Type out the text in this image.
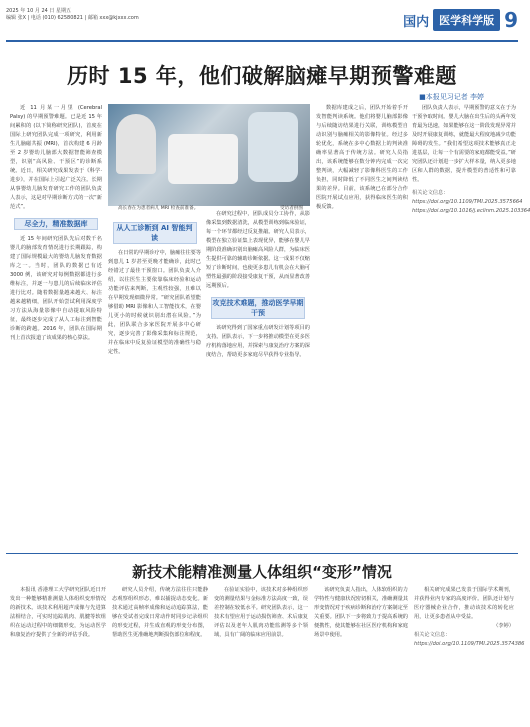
2025 年 10 月 24 日 星期五
编辑 张X | 电话 (010) 62580821 | 邮箱 xxx@kjxxx.com	国内 医学科学版 9
历时 15 年，他们破解脑瘫早期预警难题
■本报见习记者 李婷

近 11 月某一月里 (Cerebral Palsy) 的早期预警难题。已是近 15 年间累积的 (以下简称研究团队)，首度在国际上研究团队完成一项研究，利用新生儿脑磁共振 (MRI)，首次构建 6 月龄至 2 岁婴幼儿脑部大数据智能筛查模型，识别“高风险、干预区”的诊断系统。近日，相关研究成果发表于《科学·进步》，并在国际上引起广泛关注。长期从事婴幼儿脑发育研究工作的团队负责人表示，这是对早期诊断方式的一次“新范式”。

尽全力，精准数据库

近 15 年间研究团队先后对数千名婴儿的脑部发育情况进行长期跟踪，构建了国际规模最大的婴幼儿脑发育数据库之一。当时，团队的数据已有近 3000 例，该研究对每例数据都进行多维标注，并逐一与患儿的后续临床评估进行比对。随着数据量越来越大、标注越来越精细，团队开始尝试利用深度学习方法从海量影像中自动提取风险特征，最终逐步完成了从人工标注到智能诊断的跨越。2016 年，团队在国际期刊上首次报道了该成果的核心算法。

高长春在为患者病儿 MRI 检查前准备。	受访者供图
从人工诊断到 AI 智能判读

在日常的早期诊疗中，脑瘫往往要等到患儿 1 岁甚至更晚才能确诊，此时已经错过了最佳干预窗口。团队负责人介绍，以往医生主要依靠临床经验和运动功能评估来判断，主观性较强，且难以在早期发现细微异常。“研究团队希望能够借助 MRI 影像和人工智能技术，在婴儿更小的时候就识别出潜在风险。”为此，团队联合多家医院开展多中心研究，逐步完善了影像采集和标注规范，并在临床中反复验证模型的准确性与稳定性。

在研究过程中，团队成员分工协作，从影像采集到数据清洗，从模型训练到临床验证，每一个环节都经过反复推敲。研究人员表示，模型在独立验证集上表现优异，能够在婴儿早期阶段准确识别出脑瘫高风险人群，为临床医生提供可靠的辅助诊断依据。这一成果不仅缩短了诊断时间，也使更多患儿有机会在大脑可塑性最强的阶段接受康复干预，从而显著改善远期预后。

攻克技术难题，推动医学早期干预

该研究得到了国家重点研发计划等项目的支持。团队表示，下一步将推动模型在更多医疗机构落地应用，并探索与康复治疗方案的深度结合，帮助更多家庭尽早获得专业指导。

数据库建成之后，团队开始着手开发智能判读系统。他们将婴儿脑部影像与后续随访结果进行关联，训练模型自动识别与脑瘫相关的影像特征。经过多轮优化，系统在多中心数据上的判读准确率显著高于传统方法。研究人员指出，该系统能够在数分钟内完成一次完整判读，大幅减轻了影像科医生的工作负担，同时降低了不同医生之间判读结果的差异。目前，该系统已在部分合作医院开展试点应用，获得临床医生的积极反馈。

团队负责人表示，早期预警的意义在于为干预争取时间。婴儿大脑在出生后的头两年发育最为迅速，如果能够在这一阶段发现异常并及时开展康复训练，就能最大程度地减少功能障碍的发生。“我们希望这项技术能够真正走进基层，让每一个有需要的家庭都能受益。”研究团队还计划进一步扩大样本量，纳入更多地区和人群的数据，提升模型的普适性和可靠性。

相关论文信息：
https://doi.org/10.1109/TMI.2025.3575664
https://doi.org/10.1016/j.eclinm.2025.103364
新技术能精准测量人体组织“变形”情况

本报讯 香港理工大学研究团队近日开发出一种能够精准测量人体组织变形情况的新技术。该技术利用超声成像与先进算法相结合，可实时追踪肌肉、肌腱等软组织在运动过程中的细微形变，为运动医学和康复治疗提供了全新的评估手段。

研究人员介绍，传统方法往往只能静态观察组织形态，难以捕捉动态变化。新技术通过高帧率成像和运动追踪算法，能够在受试者完成日常动作时同步记录组织的形变过程，并生成直观的形变分布图，帮助医生更准确地判断损伤部位和程度。

在验证实验中，该技术对多种组织形变的测量结果与金标准方法高度一致，误差控制在较低水平。研究团队表示，这一技术有望应用于运动损伤筛查、术后康复评估以及老年人肌肉功能监测等多个领域，具有广阔的临床应用前景。

该研究负责人指出，人体软组织的力学特性与健康状况密切相关，准确测量其形变情况对于疾病诊断和治疗方案制定至关重要。团队下一步将致力于提高系统的便携性，使其能够在社区医疗机构和家庭场景中使用。

相关研究成果已发表于国际学术期刊，并获得业内专家的高度评价。团队还计划与医疗器械企业合作，推动该技术的转化应用，让更多患者从中受益。

（李婷）
相关论文信息：
https://doi.org/10.1109/TMI.2025.3574386
